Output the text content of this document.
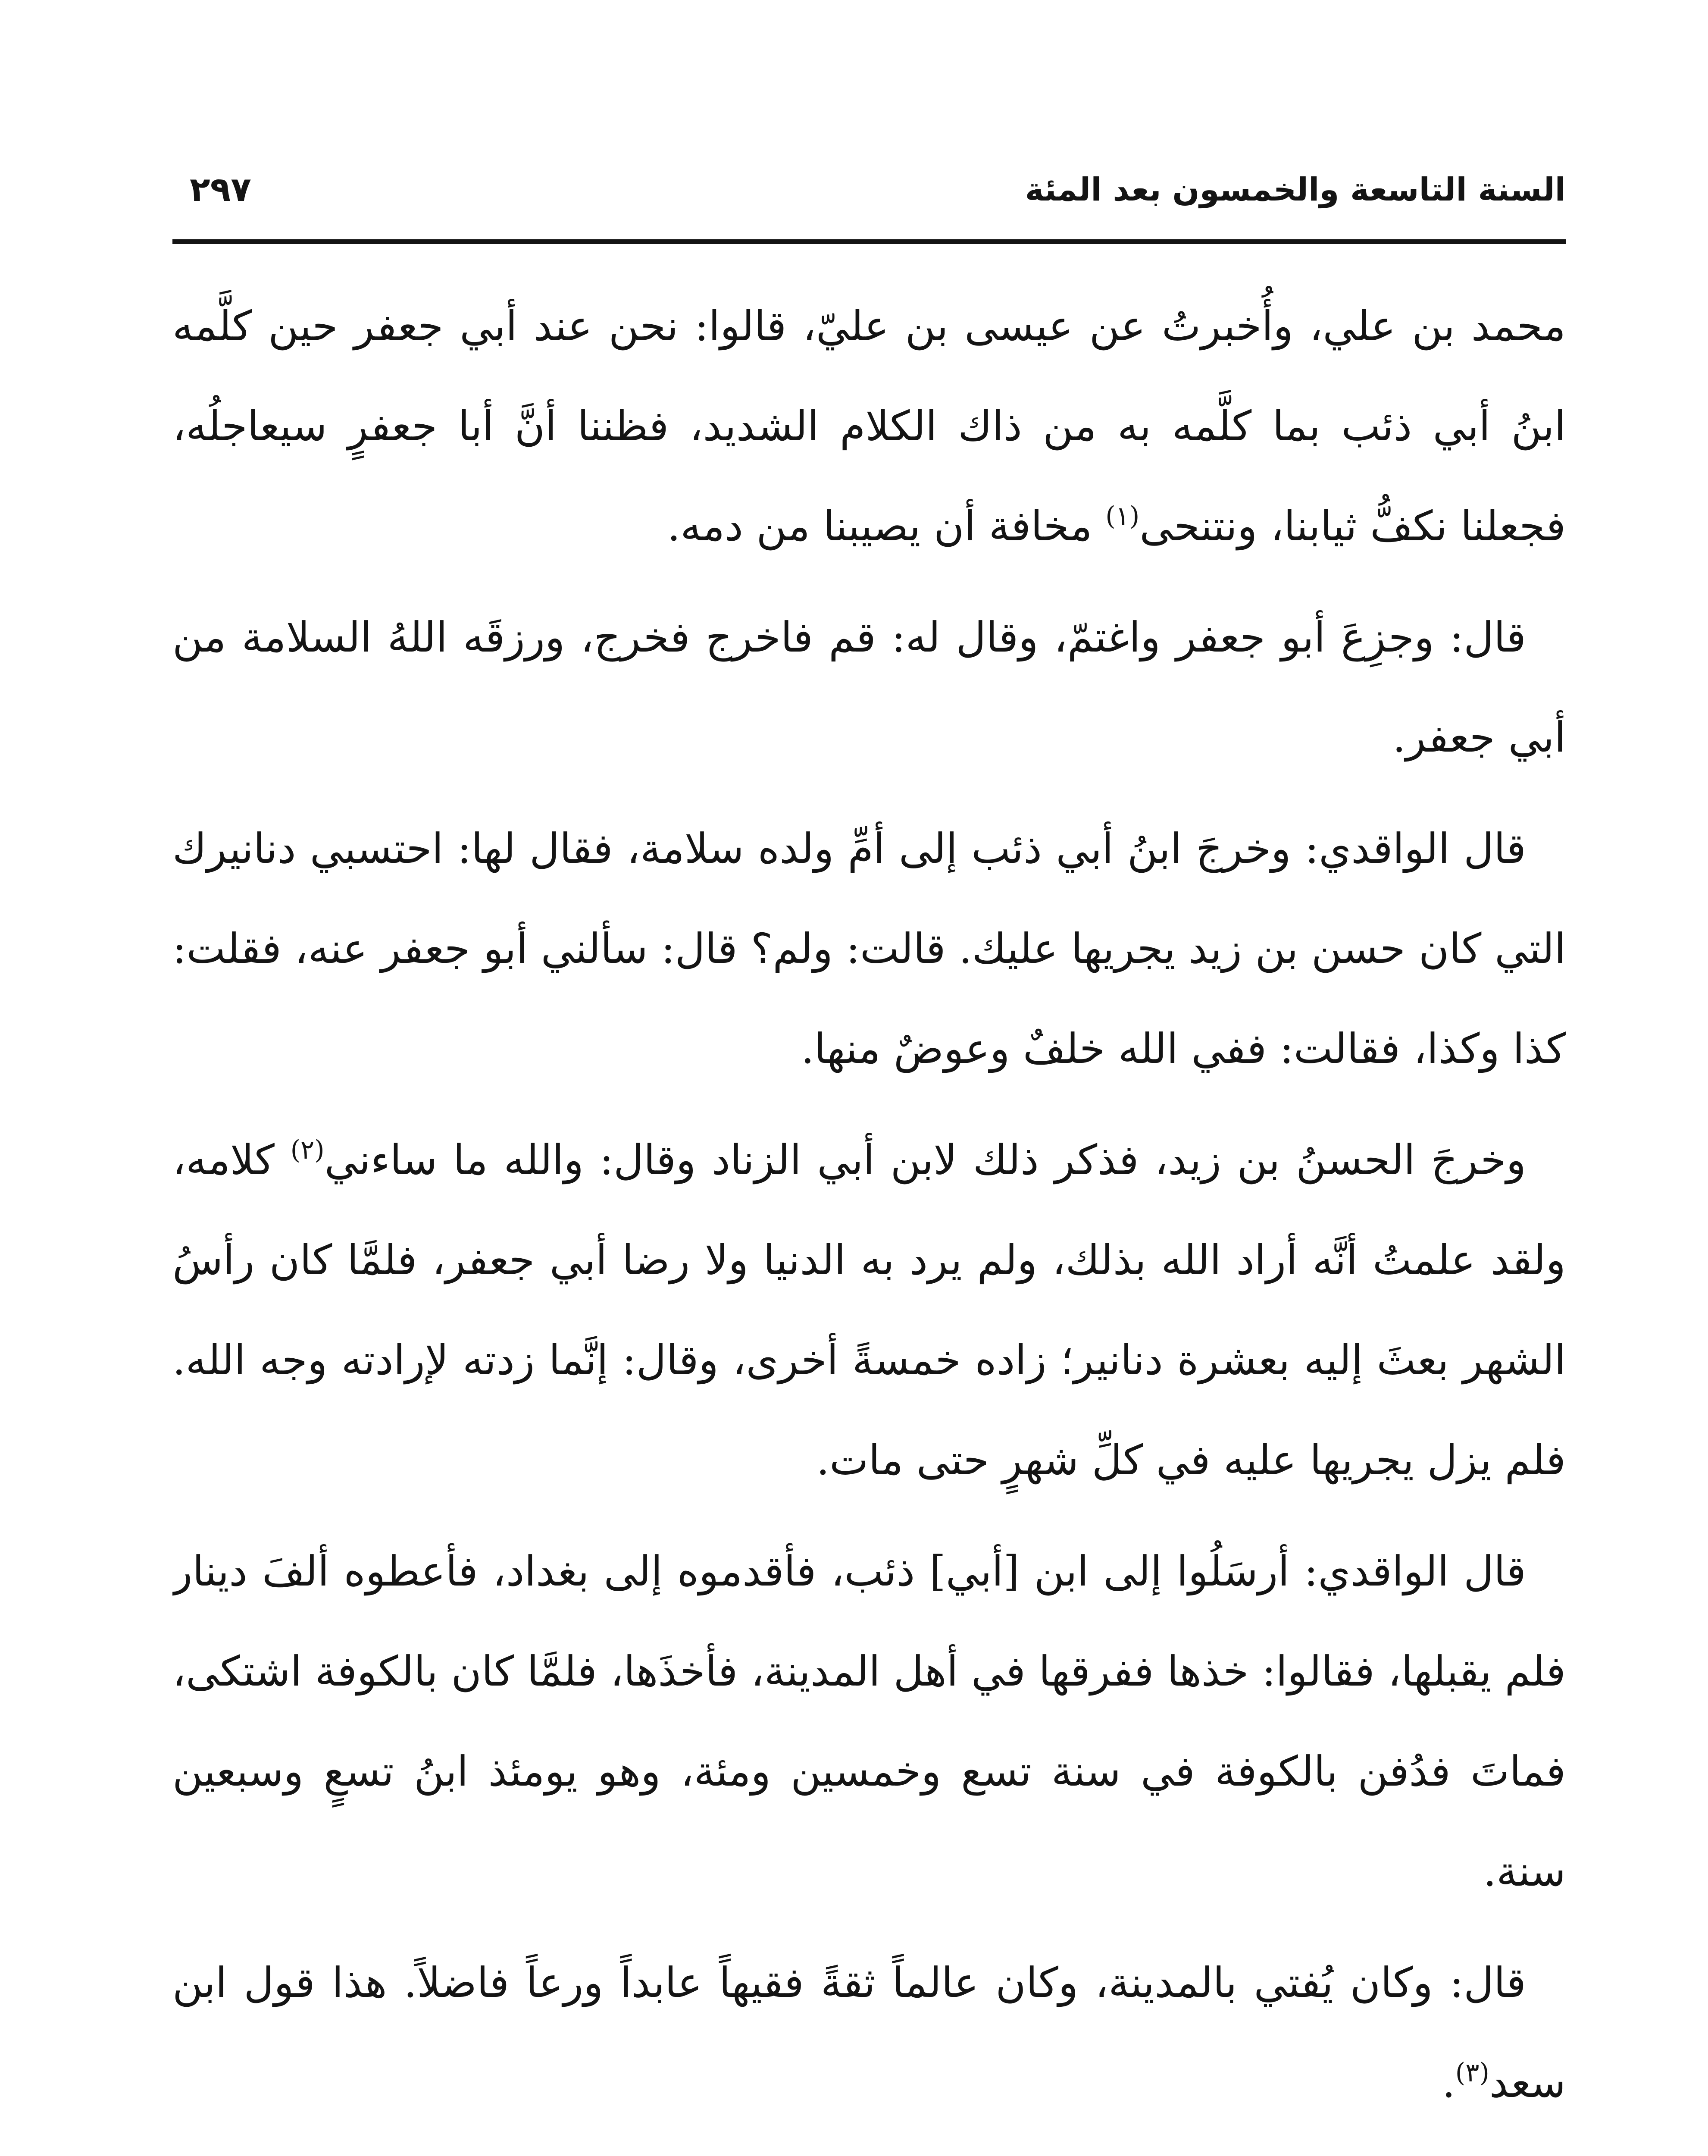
السنة التاسعة والخمسون بعد المئة
٢٩٧

محمد بن علي، وأُخبرتُ عن عيسى بن عليّ، قالوا: نحن عند أبي جعفر حين كلَّمه ابنُ أبي ذئب بما كلَّمه به من ذاك الكلام الشديد، فظننا أنَّ أبا جعفرٍ سيعاجلُه، فجعلنا نكفُّ ثيابنا، ونتنحى$^{(١)}$ مخافة أن يصيبنا من دمه.

قال: وجزِعَ أبو جعفر واغتمّ، وقال له: قم فاخرج فخرج، ورزقَه اللهُ السلامة من أبي جعفر.

قال الواقدي: وخرجَ ابنُ أبي ذئب إلى أمِّ ولده سلامة، فقال لها: احتسبي دنانيرك التي كان حسن بن زيد يجريها عليك. قالت: ولم؟ قال: سألني أبو جعفر عنه، فقلت: كذا وكذا، فقالت: ففي الله خلفٌ وعوضٌ منها.

وخرجَ الحسنُ بن زيد، فذكر ذلك لابن أبي الزناد وقال: والله ما ساءني$^{(٢)}$ كلامه، ولقد علمتُ أنَّه أراد الله بذلك، ولم يرد به الدنيا ولا رضا أبي جعفر، فلمَّا كان رأسُ الشهر بعثَ إليه بعشرة دنانير؛ زاده خمسةً أخرى، وقال: إنَّما زدته لإرادته وجه الله. فلم يزل يجريها عليه في كلِّ شهرٍ حتى مات.

قال الواقدي: أرسَلُوا إلى ابن [أبي] ذئب، فأقدموه إلى بغداد، فأعطوه ألفَ دينار فلم يقبلها، فقالوا: خذها ففرقها في أهل المدينة، فأخذَها، فلمَّا كان بالكوفة اشتكى، فماتَ فدُفن بالكوفة في سنة تسع وخمسين ومئة، وهو يومئذ ابنُ تسعٍ وسبعين سنة.

قال: وكان يُفتي بالمدينة، وكان عالماً ثقةً فقيهاً عابداً ورعاً فاضلاً. هذا قول ابن سعد$^{(٣)}$.
